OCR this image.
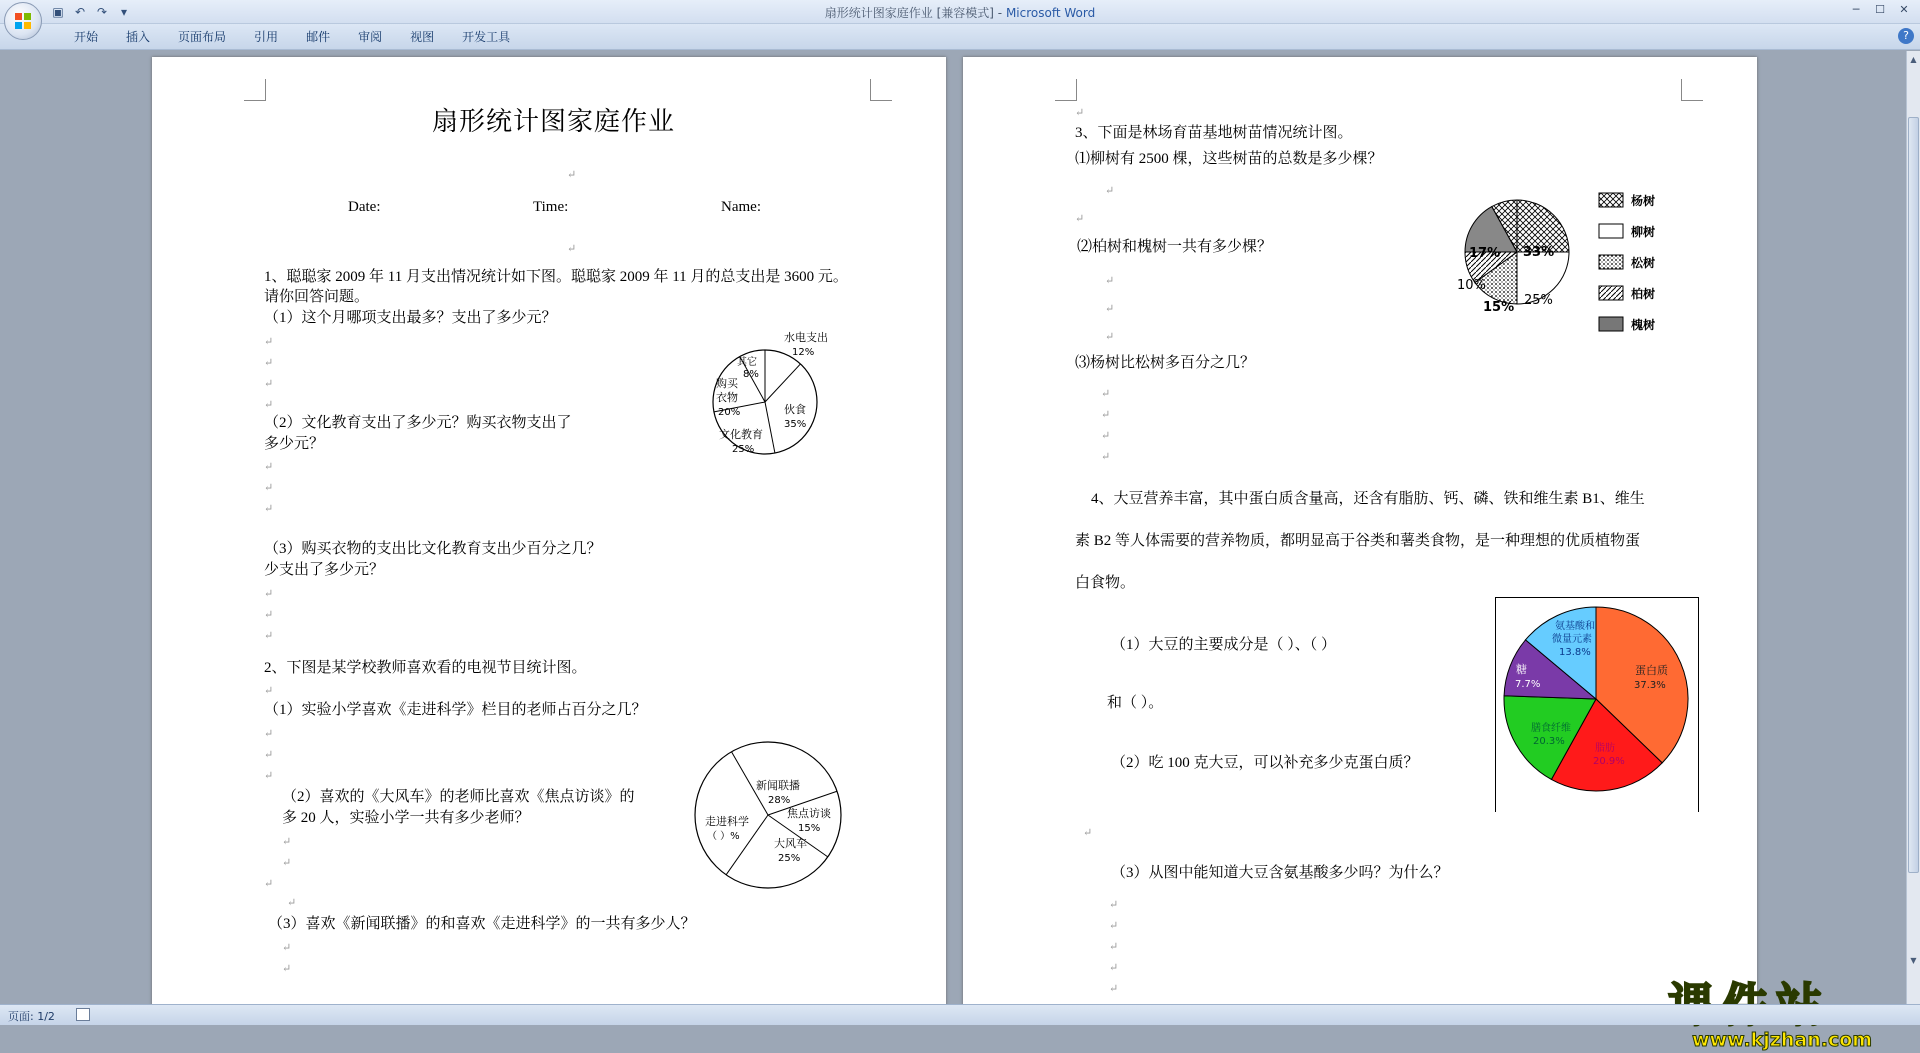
▣ ↶ ↷	▾	扇形统计图家庭作业 [兼容模式] - Microsoft Word	─	☐	✕
开始	插入	页面布局	引用	邮件	审阅	视图	开发工具	?
扇形统计图家庭作业
↵
Date:	Time:	Name:
↵
1、聪聪家 2009 年 11 月支出情况统计如下图。聪聪家 2009 年 11 月的总支出是 3600 元。
请你回答问题。
（1）这个月哪项支出最多？支出了多少元？
↵
↵
↵
↵
（2）文化教育支出了多少元？购买衣物支出了
多少元？
↵
↵
↵
（3）购买衣物的支出比文化教育支出少百分之几？
少支出了多少元？
↵
↵
↵
2、下图是某学校教师喜欢看的电视节目统计图。
↵
（1）实验小学喜欢《走进科学》栏目的老师占百分之几？
↵
↵
↵
（2）喜欢的《大风车》的老师比喜欢《焦点访谈》的
多 20 人，实验小学一共有多少老师？
↵
↵
↵
↵
（3）喜欢《新闻联播》的和喜欢《走进科学》的一共有多少人？
↵
↵
水电支出
12%
其它
8%
伙食
35%
文化教育
25%
购买
衣物
20%
新闻联播
28%
焦点访谈
15%
大风车
25%
走进科学
（ ）%
↵
3、下面是林场育苗基地树苗情况统计图。
⑴柳树有 2500 棵，这些树苗的总数是多少棵？
↵
↵
⑵柏树和槐树一共有多少棵？
↵
↵
↵
⑶杨树比松树多百分之几？
↵
↵
↵
↵
4、大豆营养丰富，其中蛋白质含量高，还含有脂肪、钙、磷、铁和维生素 B1、维生
素 B2 等人体需要的营养物质，都明显高于谷类和薯类食物，是一种理想的优质植物蛋
白食物。
（1）大豆的主要成分是（ ）、（ ）
和（ ）。
（2）吃 100 克大豆，可以补充多少克蛋白质？
↵
（3）从图中能知道大豆含氨基酸多少吗？为什么？
↵
↵
↵
↵
↵
33%
25%
15%
10%
17%
杨树
柳树
松树
柏树
槐树
氨基酸和
微量元素
13.8%
蛋白质
37.3%
糖
7.7%
膳食纤维
20.3%
脂肪
20.9%
www.kjzhan.com
▲
▼
页面: 1/2
